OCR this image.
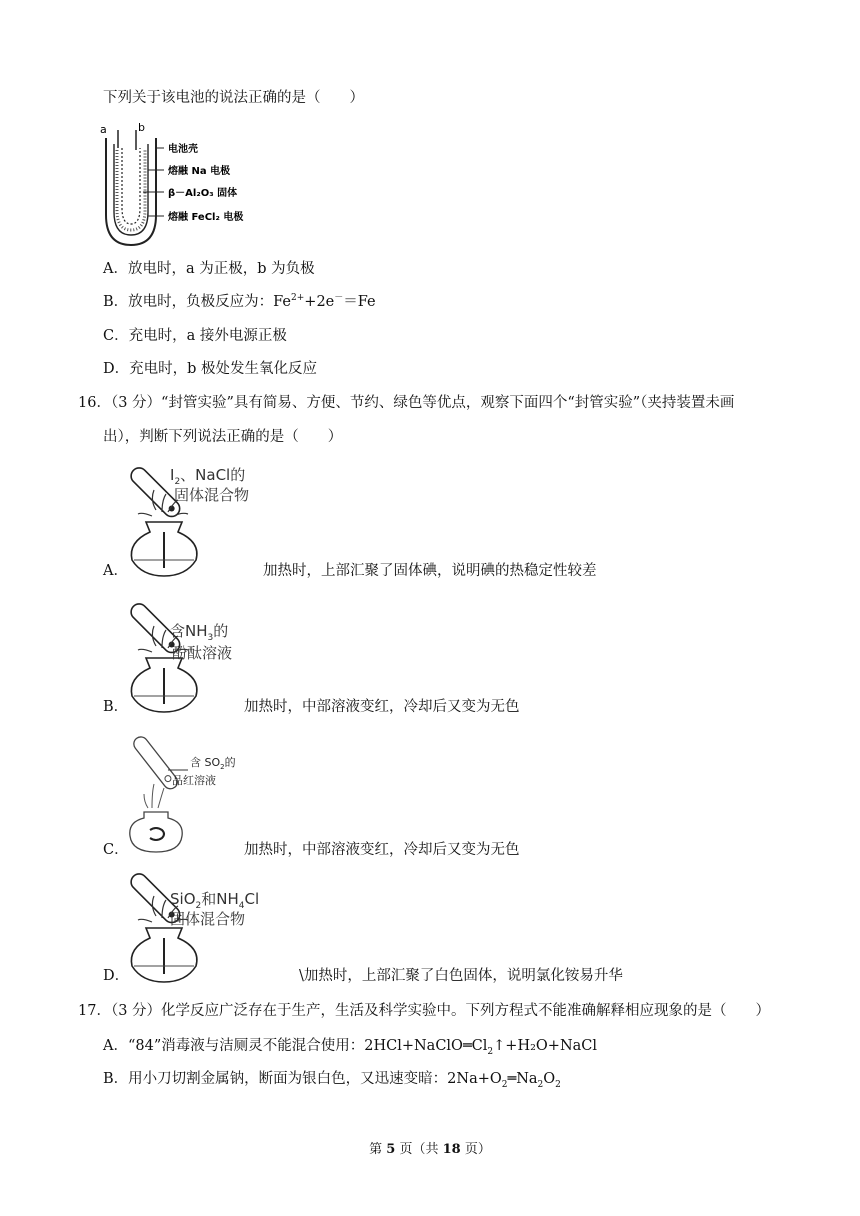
下列关于该电池的说法正确的是（　　）
a	b
电池壳
熔融 Na 电极
β－Al₂O₃ 固体
熔融 FeCl₂ 电极
A．放电时，a 为正极，b 为负极
B．放电时，负极反应为：$Fe^{2+}+2e^-=Fe$
C．充电时，a 接外电源正极
D．充电时，b 极处发生氧化反应
16．（3 分）“封管实验”具有简易、方便、节约、绿色等优点，观察下面四个“封管实验”（夹持装置未画
出），判断下列说法正确的是（　　）
$I_2$、NaCl的
固体混合物
A．	加热时，上部汇聚了固体碘，说明碘的热稳定性较差
含$NH_3$的
酚酞溶液
B．	加热时，中部溶液变红，冷却后又变为无色
含 $SO_2$的
品红溶液
C．	加热时，中部溶液变红，冷却后又变为无色
SiO$_2$和$NH_4Cl$
固体混合物
D．	\加热时，上部汇聚了白色固体，说明氯化铵易升华
17．（3 分）化学反应广泛存在于生产，生活及科学实验中。下列方程式不能准确解释相应现象的是（　　）
A．“84”消毒液与洁厕灵不能混合使用：$2HCl+NaClO═Cl_2↑+H_2O+NaCl$
B．用小刀切割金属钠，断面为银白色，又迅速变暗：$2Na+O_2═Na_2O_2$
第 5 页（共 18 页）
